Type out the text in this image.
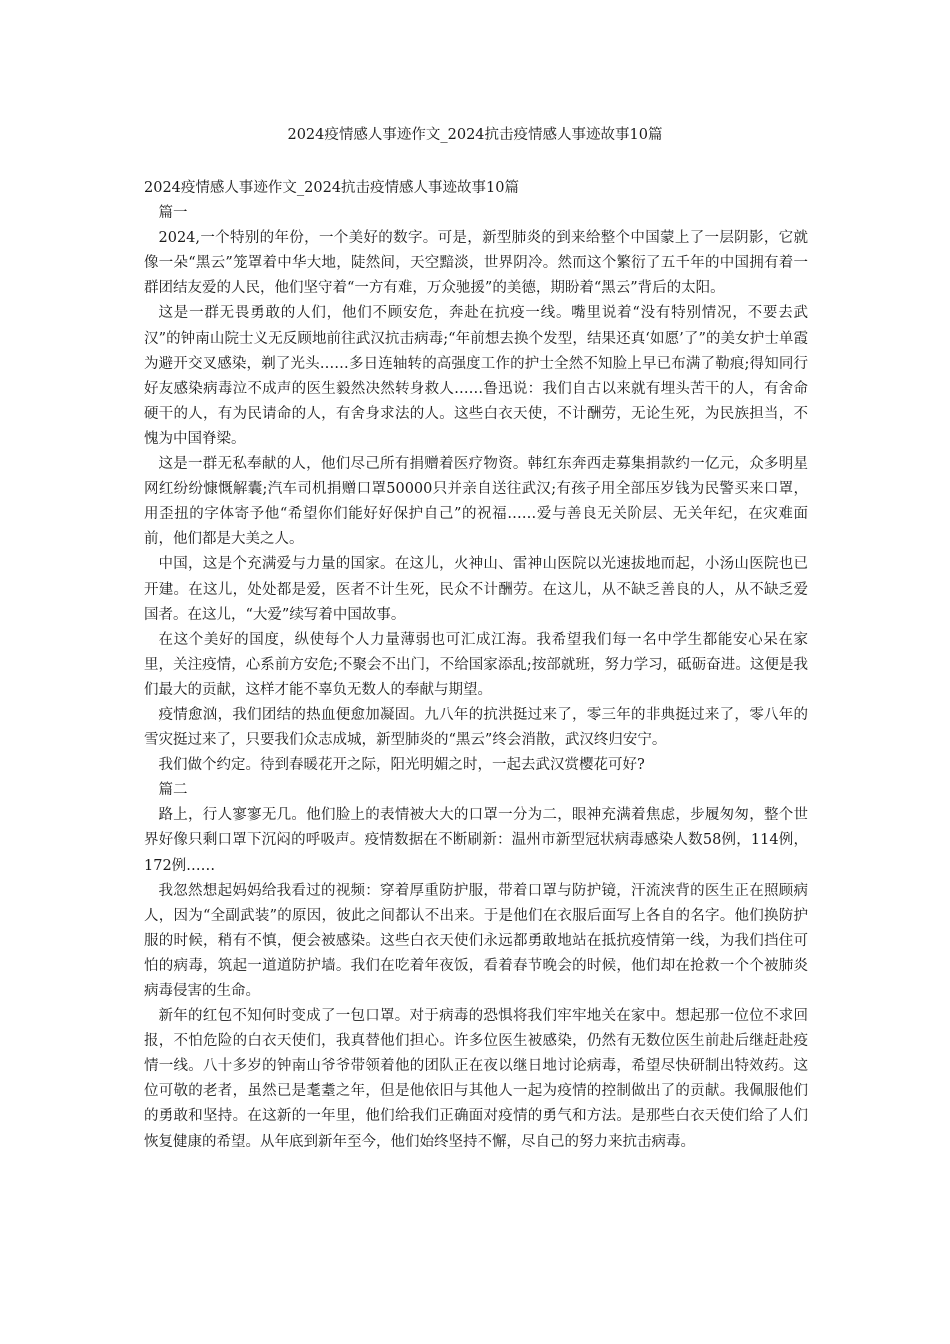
2024疫情感人事迹作文_2024抗击疫情感人事迹故事10篇

2024疫情感人事迹作文_2024抗击疫情感人事迹故事10篇

篇一

2024,一个特别的年份，一个美好的数字。可是，新型肺炎的到来给整个中国蒙上了一层阴影，它就像一朵“黑云”笼罩着中华大地，陡然间，天空黯淡，世界阴冷。然而这个繁衍了五千年的中国拥有着一群团结友爱的人民，他们坚守着“一方有难，万众驰援”的美德，期盼着“黑云”背后的太阳。

这是一群无畏勇敢的人们，他们不顾安危，奔赴在抗疫一线。嘴里说着“没有特别情况，不要去武汉”的钟南山院士义无反顾地前往武汉抗击病毒;“年前想去换个发型，结果还真‘如愿’了”的美女护士单霞为避开交叉感染，剃了光头……多日连轴转的高强度工作的护士全然不知脸上早已布满了勒痕;得知同行好友感染病毒泣不成声的医生毅然决然转身救人……鲁迅说：我们自古以来就有埋头苦干的人，有舍命硬干的人，有为民请命的人，有舍身求法的人。这些白衣天使，不计酬劳，无论生死，为民族担当，不愧为中国脊梁。

这是一群无私奉献的人，他们尽己所有捐赠着医疗物资。韩红东奔西走募集捐款约一亿元，众多明星网红纷纷慷慨解囊;汽车司机捐赠口罩50000只并亲自送往武汉;有孩子用全部压岁钱为民警买来口罩，用歪扭的字体寄予他“希望你们能好好保护自己”的祝福……爱与善良无关阶层、无关年纪，在灾难面前，他们都是大美之人。

中国，这是个充满爱与力量的国家。在这儿，火神山、雷神山医院以光速拔地而起，小汤山医院也已开建。在这儿，处处都是爱，医者不计生死，民众不计酬劳。在这儿，从不缺乏善良的人，从不缺乏爱国者。在这儿，“大爱”续写着中国故事。

在这个美好的国度，纵使每个人力量薄弱也可汇成江海。我希望我们每一名中学生都能安心呆在家里，关注疫情，心系前方安危;不聚会不出门，不给国家添乱;按部就班，努力学习，砥砺奋进。这便是我们最大的贡献，这样才能不辜负无数人的奉献与期望。

疫情愈汹，我们团结的热血便愈加凝固。九八年的抗洪挺过来了，零三年的非典挺过来了，零八年的雪灾挺过来了，只要我们众志成城，新型肺炎的“黑云”终会消散，武汉终归安宁。

我们做个约定。待到春暖花开之际，阳光明媚之时，一起去武汉赏樱花可好?

篇二

路上，行人寥寥无几。他们脸上的表情被大大的口罩一分为二，眼神充满着焦虑，步履匆匆，整个世界好像只剩口罩下沉闷的呼吸声。疫情数据在不断刷新：温州市新型冠状病毒感染人数58例，114例，172例……

我忽然想起妈妈给我看过的视频：穿着厚重防护服，带着口罩与防护镜，汗流浃背的医生正在照顾病人，因为“全副武装”的原因，彼此之间都认不出来。于是他们在衣服后面写上各自的名字。他们换防护服的时候，稍有不慎，便会被感染。这些白衣天使们永远都勇敢地站在抵抗疫情第一线，为我们挡住可怕的病毒，筑起一道道防护墙。我们在吃着年夜饭，看着春节晚会的时候，他们却在抢救一个个被肺炎病毒侵害的生命。

新年的红包不知何时变成了一包口罩。对于病毒的恐惧将我们牢牢地关在家中。想起那一位位不求回报，不怕危险的白衣天使们，我真替他们担心。许多位医生被感染，仍然有无数位医生前赴后继赶赴疫情一线。八十多岁的钟南山爷爷带领着他的团队正在夜以继日地讨论病毒，希望尽快研制出特效药。这位可敬的老者，虽然已是耄耋之年，但是他依旧与其他人一起为疫情的控制做出了的贡献。我佩服他们的勇敢和坚持。在这新的一年里，他们给我们正确面对疫情的勇气和方法。是那些白衣天使们给了人们恢复健康的希望。从年底到新年至今，他们始终坚持不懈，尽自己的努力来抗击病毒。
